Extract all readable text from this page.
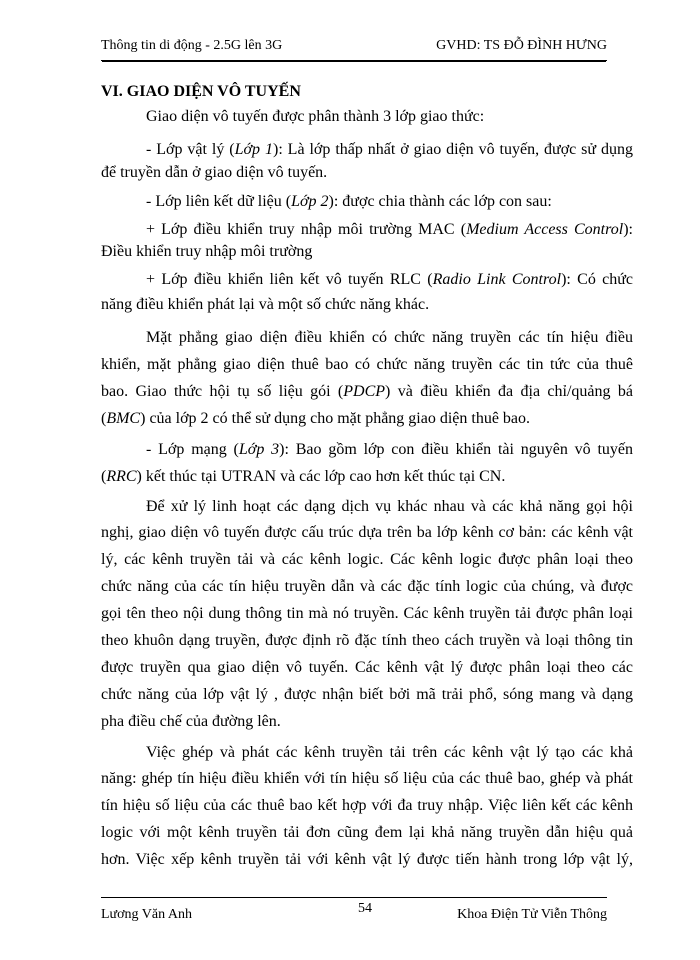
Thông tin di động - 2.5G lên 3G	GVHD: TS ĐỖ ĐÌNH HƯNG
VI. GIAO DIỆN VÔ TUYẾN
Giao diện vô tuyến được phân thành 3 lớp giao thức:
- Lớp vật lý (Lớp 1): Là lớp thấp nhất ở giao diện vô tuyến, được sử dụng
để truyền dẫn ở giao diện vô tuyến.
- Lớp liên kết dữ liệu (Lớp 2): được chia thành các lớp con sau:
+ Lớp điều khiển truy nhập môi trường MAC (Medium Access Control):
Điều khiển truy nhập môi trường
+ Lớp điều khiển liên kết vô tuyến RLC (Radio Link Control): Có chức
năng điều khiển phát lại và một số chức năng khác.
Mặt phẳng giao diện điều khiển có chức năng truyền các tín hiệu điều
khiển, mặt phẳng giao diện thuê bao có chức năng truyền các tin tức của thuê
bao. Giao thức hội tụ số liệu gói (PDCP) và điều khiển đa địa chỉ/quảng bá
(BMC) của lớp 2 có thể sử dụng cho mặt phẳng giao diện thuê bao.
- Lớp mạng (Lớp 3): Bao gồm lớp con điều khiển tài nguyên vô tuyến
(RRC) kết thúc tại UTRAN và các lớp cao hơn kết thúc tại CN.
Để xử lý linh hoạt các dạng dịch vụ khác nhau và các khả năng gọi hội
nghị, giao diện vô tuyến được cấu trúc dựa trên ba lớp kênh cơ bản: các kênh vật
lý, các kênh truyền tải và các kênh logic. Các kênh logic được phân loại theo
chức năng của các tín hiệu truyền dẫn và các đặc tính logic của chúng, và được
gọi tên theo nội dung thông tin mà nó truyền. Các kênh truyền tải được phân loại
theo khuôn dạng truyền, được định rõ đặc tính theo cách truyền và loại thông tin
được truyền qua giao diện vô tuyến. Các kênh vật lý được phân loại theo các
chức năng của lớp vật lý , được nhận biết bởi mã trải phổ, sóng mang và dạng
pha điều chế của đường lên.
Việc ghép và phát các kênh truyền tải trên các kênh vật lý tạo các khả
năng: ghép tín hiệu điều khiển với tín hiệu số liệu của các thuê bao, ghép và phát
tín hiệu số liệu của các thuê bao kết hợp với đa truy nhập. Việc liên kết các kênh
logic với một kênh truyền tải đơn cũng đem lại khả năng truyền dẫn hiệu quả
hơn. Việc xếp kênh truyền tải với kênh vật lý được tiến hành trong lớp vật lý,
Lương Văn Anh	54	Khoa Điện Tử Viễn Thông
